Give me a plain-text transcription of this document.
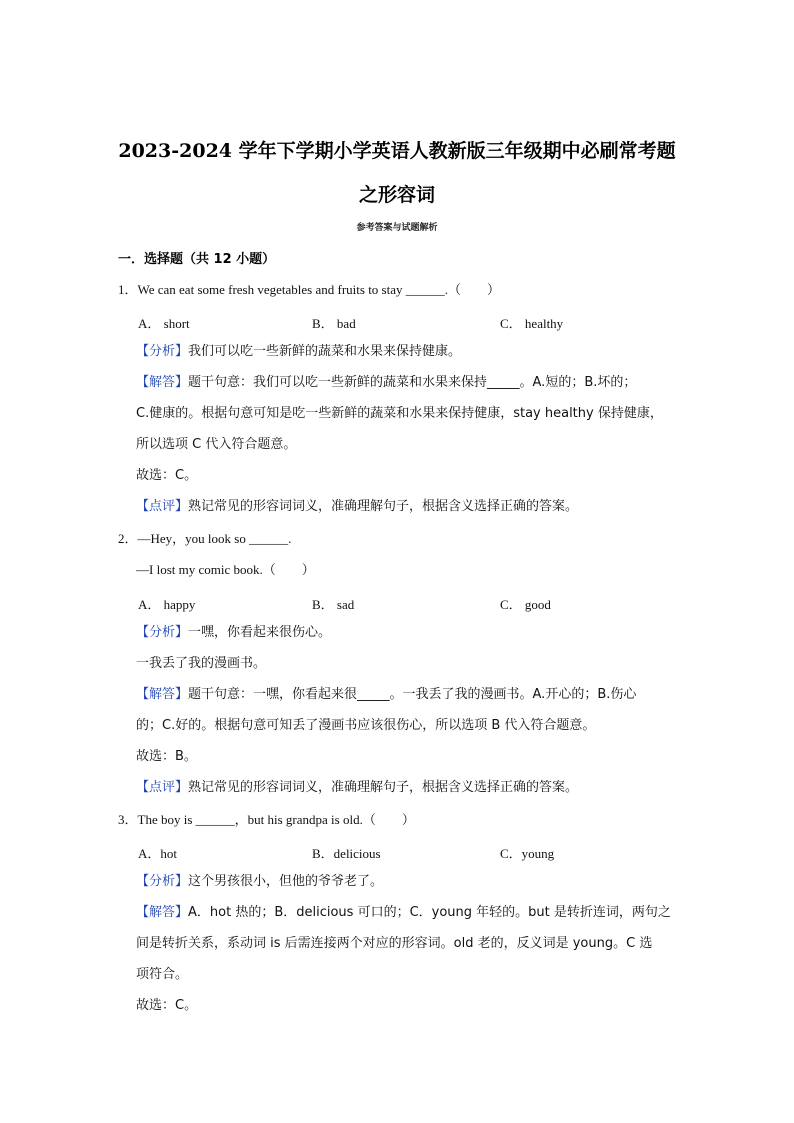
2023-2024 学年下学期小学英语人教新版三年级期中必刷常考题
之形容词
参考答案与试题解析
一．选择题（共 12 小题）
1．We can eat some fresh vegetables and fruits to stay ______.（　　）
A． short	B． bad	C． healthy
【分析】我们可以吃一些新鲜的蔬菜和水果来保持健康。
【解答】题干句意：我们可以吃一些新鲜的蔬菜和水果来保持_____。A.短的；B.坏的；
C.健康的。根据句意可知是吃一些新鲜的蔬菜和水果来保持健康，stay healthy 保持健康，
所以选项 C 代入符合题意。
故选：C。
【点评】熟记常见的形容词词义，准确理解句子，根据含义选择正确的答案。
2．—Hey，you look so ______.
—I lost my comic book.（　　）
A． happy	B． sad	C． good
【分析】一嘿，你看起来很伤心。
一我丢了我的漫画书。
【解答】题干句意：一嘿，你看起来很_____。一我丢了我的漫画书。A.开心的；B.伤心
的；C.好的。根据句意可知丢了漫画书应该很伤心，所以选项 B 代入符合题意。
故选：B。
【点评】熟记常见的形容词词义，准确理解句子，根据含义选择正确的答案。
3．The boy is ______，but his grandpa is old.（　　）
A．hot	B．delicious	C．young
【分析】这个男孩很小，但他的爷爷老了。
【解答】A．hot 热的；B．delicious 可口的；C．young 年轻的。but 是转折连词，两句之
间是转折关系，系动词 is 后需连接两个对应的形容词。old 老的，反义词是 young。C 选
项符合。
故选：C。
